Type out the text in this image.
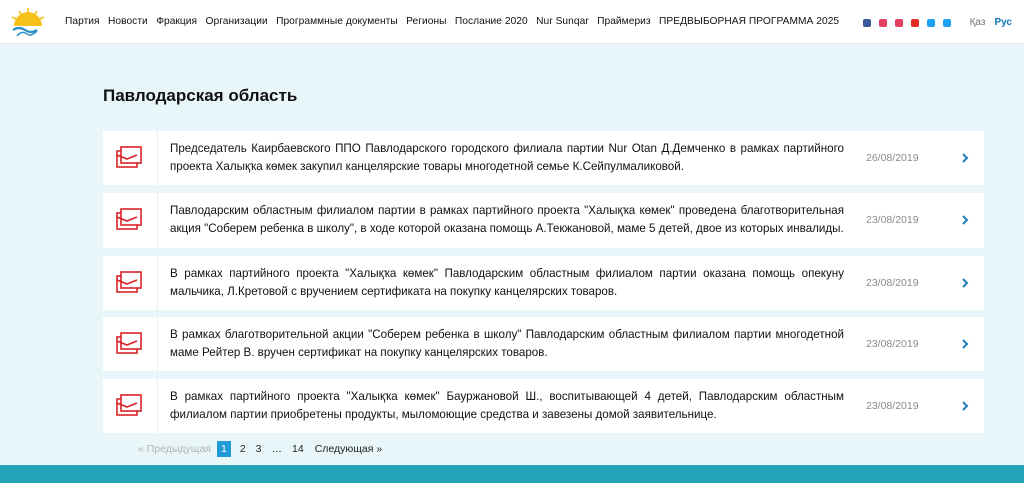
Партия Новости Фракция Организации Программные документы Регионы Послание 2020 Nur Sunqar Праймериз ПРЕДВЫБОРНАЯ ПРОГРАММА 2025	Қаз Рус
Павлодарская область
Председатель Каирбаевского ППО Павлодарского городского филиала партии Nur Otan Д.Демченко в рамках партийного проекта Халықҡа көмек закупил канцелярские товары многодетной семье К.Сейпулмаликовой.
26/08/2019
Павлодарским областным филиалом партии в рамках партийного проекта "Халықҡа көмек" проведена благотворительная акция "Соберем ребенка в школу", в ходе которой оказана помощь А.Текжановой, маме 5 детей, двое из которых инвалиды.
23/08/2019
В рамках партийного проекта "Халықҡа көмек" Павлодарским областным филиалом партии оказана помощь опекуну мальчика, Л.Кретовой с вручением сертификата на покупку канцелярских товаров.
23/08/2019
В рамках благотворительной акции "Соберем ребенка в школу" Павлодарским областным филиалом партии многодетной маме Рейтер В. вручен сертификат на покупку канцелярских товаров.
23/08/2019
В рамках партийного проекта "Халықҡа көмек" Бауржановой Ш., воспитывающей 4 детей, Павлодарским областным филиалом партии приобретены продукты, мыломоющие средства и завезены домой заявительнице.
23/08/2019
« Предыдущая 1	2 3 … 14 Следующая »
